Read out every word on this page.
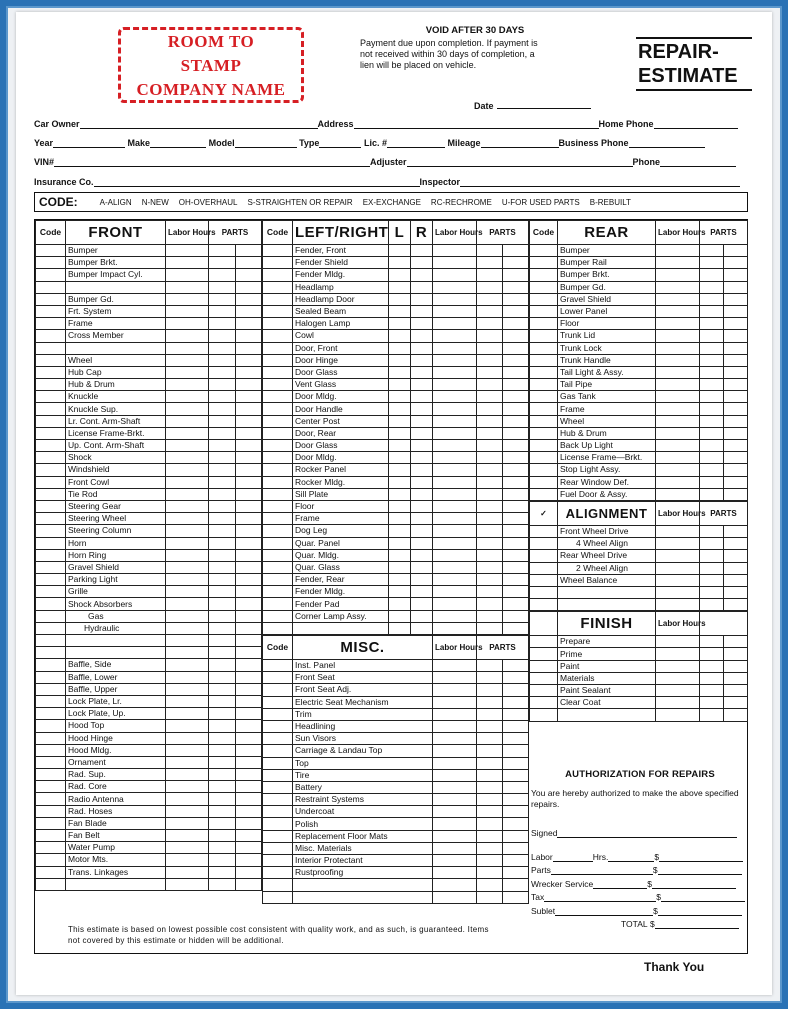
ROOM TO
STAMP
COMPANY NAME
VOID AFTER 30 DAYS
Payment due upon completion. If payment is not received within 30 days of completion, a lien will be placed on vehicle.
REPAIR-
ESTIMATE
Date
Car Owner	Address	Home Phone
Year	Make	Model	Type	Lic. #	Mileage	Business Phone
VIN#	Adjuster	Phone
Insurance Co.	Inspector
CODE:	A-ALIGN N-NEW OH-OVERHAUL S-STRAIGHTEN OR REPAIR EX-EXCHANGE RC-RECHROME U-FOR USED PARTS B-REBUILT
Code	FRONT	Labor Hours	PARTS	
	Bumper			
	Bumper Brkt.			
	Bumper Impact Cyl.			

	Bumper Gd.			
	Frt. System			
	Frame			
	Cross Member			

	Wheel			
	Hub Cap			
	Hub & Drum			
	Knuckle			
	Knuckle Sup.			
	Lr. Cont. Arm-Shaft			
	License Frame-Brkt.			
	Up. Cont. Arm-Shaft			
	Shock			
	Windshield			
	Front Cowl			
	Tie Rod			
	Steering Gear			
	Steering Wheel			
	Steering Column			
	Horn			
	Horn Ring			
	Gravel Shield			
	Parking Light			
	Grille			
	Shock Absorbers			
	Gas			
	Hydraulic			

	Baffle, Side			
	Baffle, Lower			
	Baffle, Upper			
	Lock Plate, Lr.			
	Lock Plate, Up.			
	Hood Top			
	Hood Hinge			
	Hood Mldg.			
	Ornament			
	Rad. Sup.			
	Rad. Core			
	Radio Antenna			
	Rad. Hoses			
	Fan Blade			
	Fan Belt			
	Water Pump			
	Motor Mts.			
	Trans. Linkages			

Code	LEFT/RIGHT	L	R	Labor Hours	PARTS	
	Fender, Front					
	Fender Shield					
	Fender Mldg.					
	Headlamp					
	Headlamp Door					
	Sealed Beam					
	Halogen Lamp					
	Cowl					
	Door, Front					
	Door Hinge					
	Door Glass					
	Vent Glass					
	Door Mldg.					
	Door Handle					
	Center Post					
	Door, Rear					
	Door Glass					
	Door Mldg.					
	Rocker Panel					
	Rocker Mldg.					
	Sill Plate					
	Floor					
	Frame					
	Dog Leg					
	Quar. Panel					
	Quar. Mldg.					
	Quar. Glass					
	Fender, Rear					
	Fender Mldg.					
	Fender Pad					
	Corner Lamp Assy.					

Code	MISC.	Labor Hours	PARTS	
	Inst. Panel			
	Front Seat			
	Front Seat Adj.			
	Electric Seat Mechanism			
	Trim			
	Headlining			
	Sun Visors			
	Carriage & Landau Top			
	Top			
	Tire			
	Battery			
	Restraint Systems			
	Undercoat			
	Polish			
	Replacement Floor Mats			
	Misc. Materials			
	Interior Protectant			
	Rustproofing			

Code	REAR	Labor Hours	PARTS	
	Bumper			
	Bumper Rail			
	Bumper Brkt.			
	Bumper Gd.			
	Gravel Shield			
	Lower Panel			
	Floor			
	Trunk Lid			
	Trunk Lock			
	Trunk Handle			
	Tail Light & Assy.			
	Tail Pipe			
	Gas Tank			
	Frame			
	Wheel			
	Hub & Drum			
	Back Up Light			
	License Frame—Brkt.			
	Stop Light Assy.			
	Rear Window Def.			
	Fuel Door & Assy.			
✓	ALIGNMENT	Labor Hours	PARTS	
	Front Wheel Drive			
	4 Wheel Align			
	Rear Wheel Drive			
	2 Wheel Align			
	Wheel Balance			

	FINISH	Labor Hours		
	Prepare			
	Prime			
	Paint			
	Materials			
	Paint Sealant			
	Clear Coat			

AUTHORIZATION FOR REPAIRS

You are hereby authorized to make the above specified repairs.

Signed
Labor	Hrs.	$
Parts	$
Wrecker Service	$
Tax	$
Sublet	$
TOTAL $
This estimate is based on lowest possible cost consistent with quality work, and as such, is guaranteed. Items not covered by this estimate or hidden will be additional.
Thank You
